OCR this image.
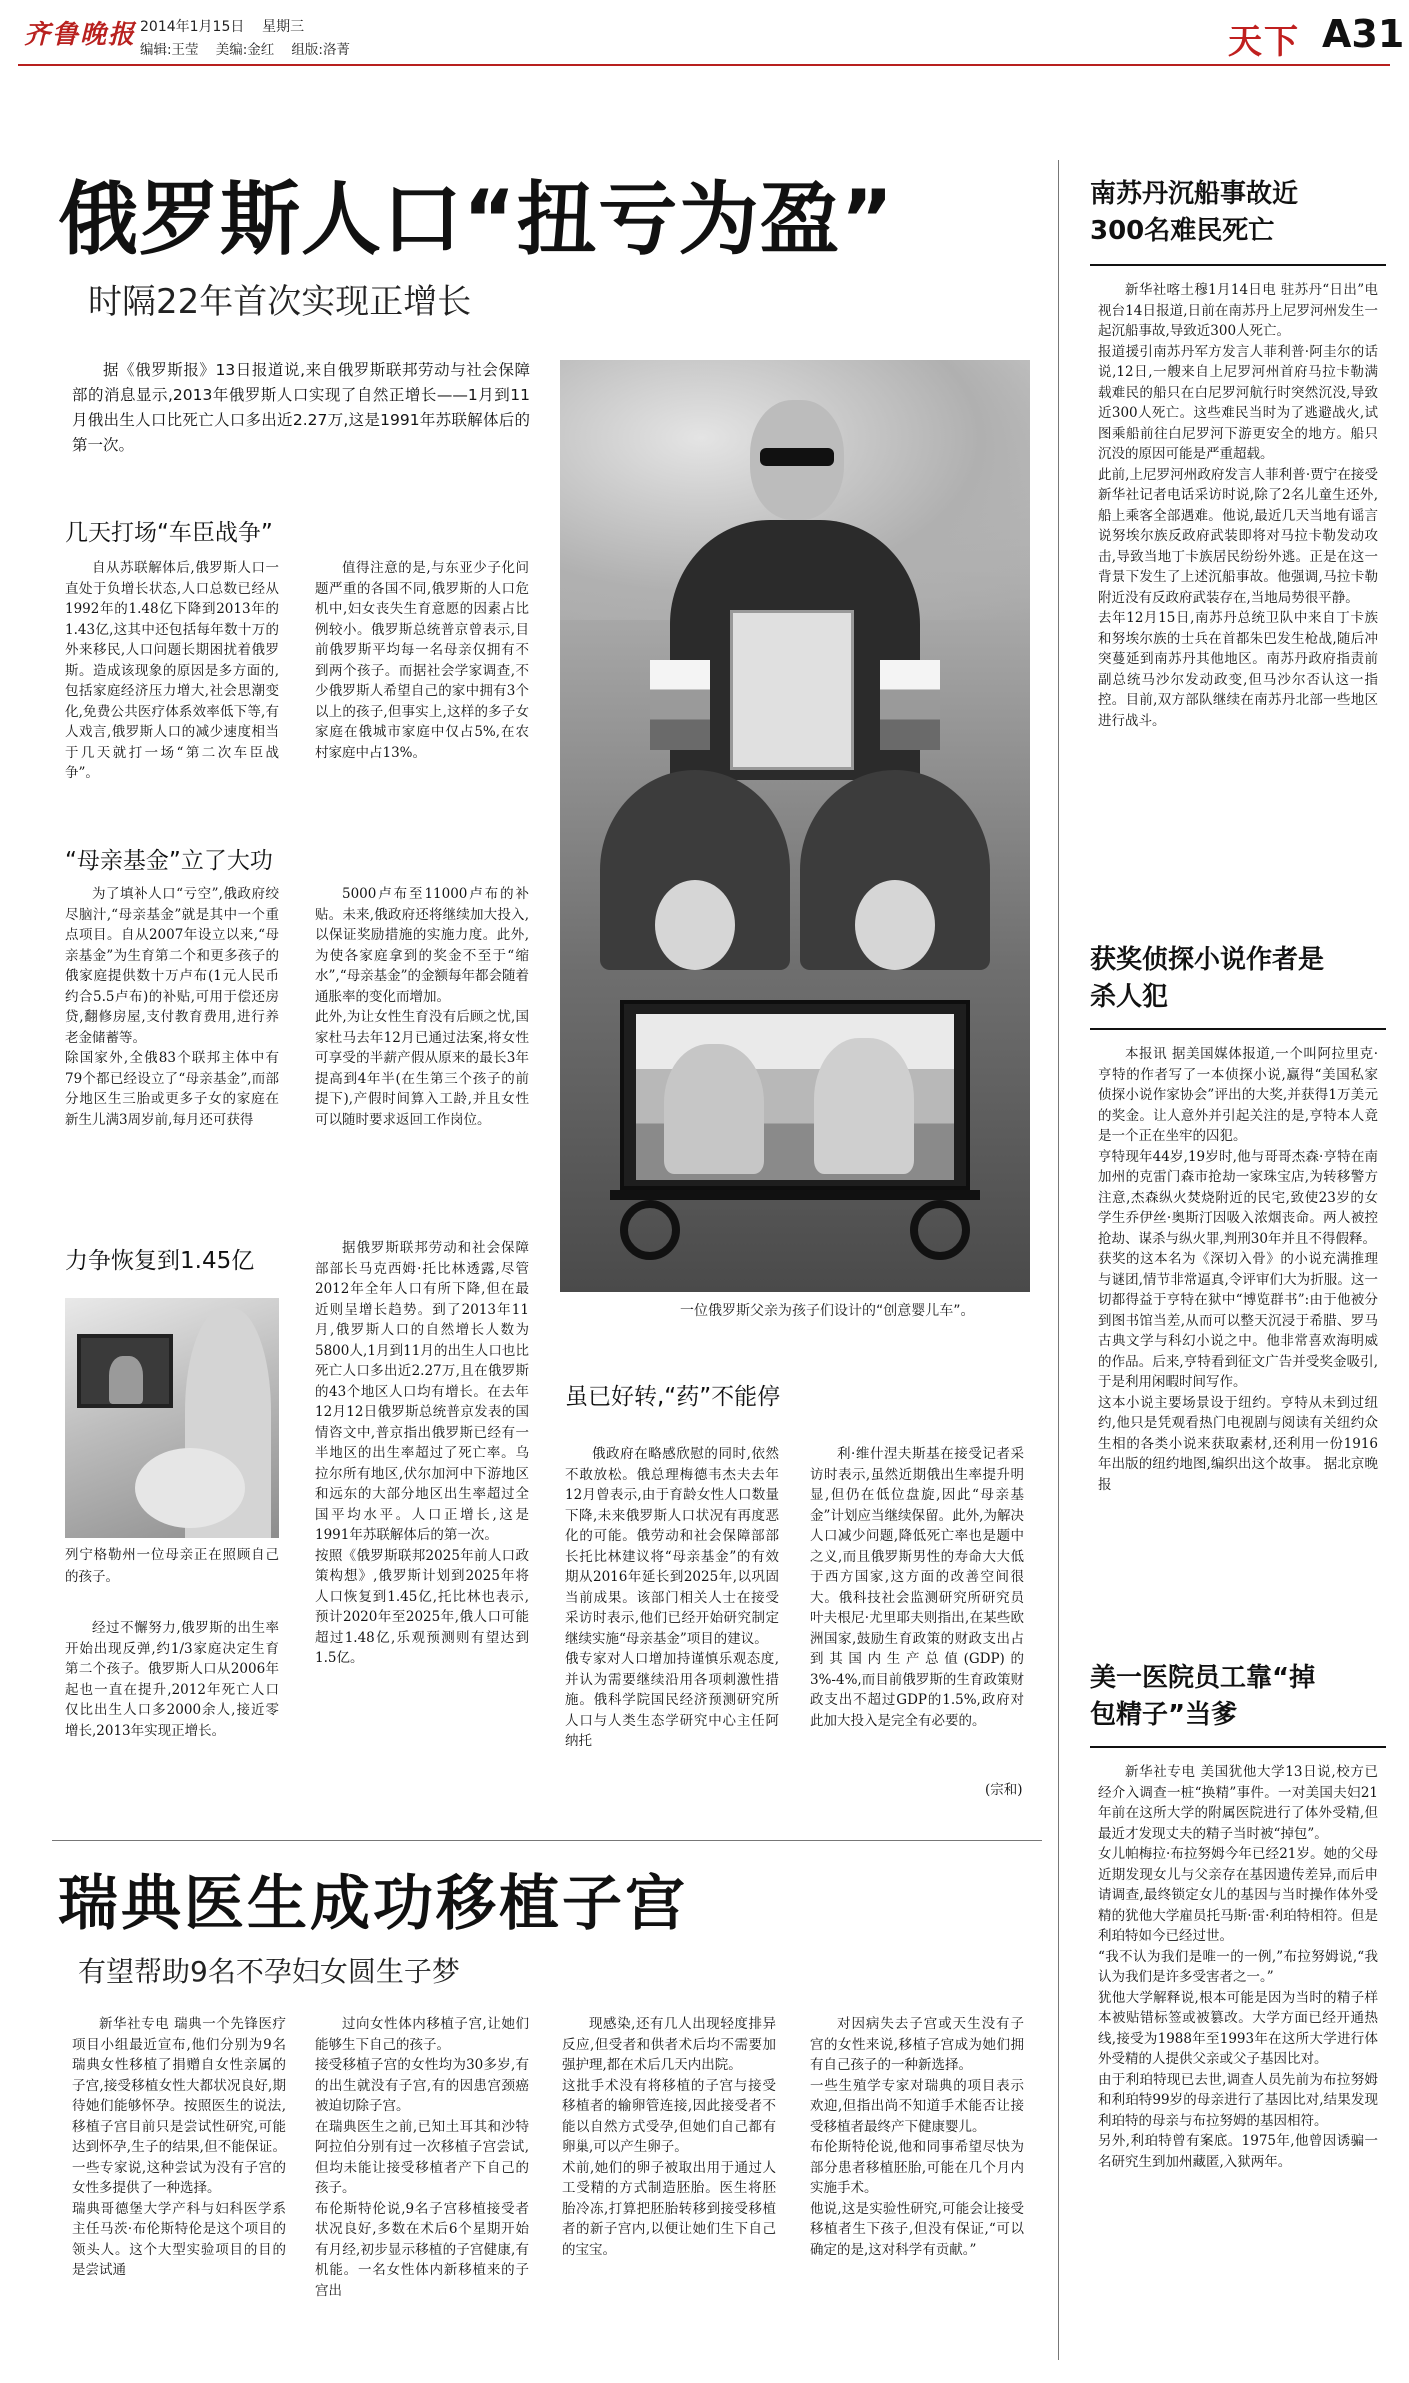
齐鲁晚报 2014年1月15日 星期三
编辑:王莹    美编:金红    组版:洛菁	天下 A31
俄罗斯人口“扭亏为盈”
时隔22年首次实现正增长
据《俄罗斯报》13日报道说,来自俄罗斯联邦劳动与社会保障部的消息显示,2013年俄罗斯人口实现了自然正增长——1月到11月俄出生人口比死亡人口多出近2.27万,这是1991年苏联解体后的第一次。
几天打场“车臣战争”
自从苏联解体后,俄罗斯人口一直处于负增长状态,人口总数已经从1992年的1.48亿下降到2013年的1.43亿,这其中还包括每年数十万的外来移民,人口问题长期困扰着俄罗斯。造成该现象的原因是多方面的,包括家庭经济压力增大,社会思潮变化,免费公共医疗体系效率低下等,有人戏言,俄罗斯人口的减少速度相当于几天就打一场“第二次车臣战争”。
值得注意的是,与东亚少子化问题严重的各国不同,俄罗斯的人口危机中,妇女丧失生育意愿的因素占比例较小。俄罗斯总统普京曾表示,目前俄罗斯平均每一名母亲仅拥有不到两个孩子。而据社会学家调查,不少俄罗斯人希望自己的家中拥有3个以上的孩子,但事实上,这样的多子女家庭在俄城市家庭中仅占5%,在农村家庭中占13%。
“母亲基金”立了大功
为了填补人口“亏空”,俄政府绞尽脑汁,“母亲基金”就是其中一个重点项目。自从2007年设立以来,“母亲基金”为生育第二个和更多孩子的俄家庭提供数十万卢布(1元人民币约合5.5卢布)的补贴,可用于偿还房贷,翻修房屋,支付教育费用,进行养老金储蓄等。
除国家外,全俄83个联邦主体中有79个都已经设立了“母亲基金”,而部分地区生三胎或更多子女的家庭在新生儿满3周岁前,每月还可获得
5000卢布至11000卢布的补贴。未来,俄政府还将继续加大投入,以保证奖励措施的实施力度。此外,为使各家庭拿到的奖金不至于“缩水”,“母亲基金”的金额每年都会随着通胀率的变化而增加。
此外,为让女性生育没有后顾之忧,国家杜马去年12月已通过法案,将女性可享受的半薪产假从原来的最长3年提高到4年半(在生第三个孩子的前提下),产假时间算入工龄,并且女性可以随时要求返回工作岗位。
力争恢复到1.45亿
列宁格勒州一位母亲正在照顾自己的孩子。
经过不懈努力,俄罗斯的出生率开始出现反弹,约1/3家庭决定生育第二个孩子。俄罗斯人口从2006年起也一直在提升,2012年死亡人口仅比出生人口多2000余人,接近零增长,2013年实现正增长。
据俄罗斯联邦劳动和社会保障部部长马克西姆·托比林透露,尽管2012年全年人口有所下降,但在最近则呈增长趋势。到了2013年11月,俄罗斯人口的自然增长人数为5800人,1月到11月的出生人口也比死亡人口多出近2.27万,且在俄罗斯的43个地区人口均有增长。在去年12月12日俄罗斯总统普京发表的国情咨文中,普京指出俄罗斯已经有一半地区的出生率超过了死亡率。乌拉尔所有地区,伏尔加河中下游地区和远东的大部分地区出生率超过全国平均水平。人口正增长,这是1991年苏联解体后的第一次。
按照《俄罗斯联邦2025年前人口政策构想》,俄罗斯计划到2025年将人口恢复到1.45亿,托比林也表示,预计2020年至2025年,俄人口可能超过1.48亿,乐观预测则有望达到1.5亿。
一位俄罗斯父亲为孩子们设计的“创意婴儿车”。
虽已好转,“药”不能停
俄政府在略感欣慰的同时,依然不敢放松。俄总理梅德韦杰夫去年12月曾表示,由于育龄女性人口数量下降,未来俄罗斯人口状况有再度恶化的可能。俄劳动和社会保障部部长托比林建议将“母亲基金”的有效期从2016年延长到2025年,以巩固当前成果。该部门相关人士在接受采访时表示,他们已经开始研究制定继续实施“母亲基金”项目的建议。
俄专家对人口增加持谨慎乐观态度,并认为需要继续沿用各项刺激性措施。俄科学院国民经济预测研究所人口与人类生态学研究中心主任阿纳托
利·维什涅夫斯基在接受记者采访时表示,虽然近期俄出生率提升明显,但仍在低位盘旋,因此“母亲基金”计划应当继续保留。此外,为解决人口减少问题,降低死亡率也是题中之义,而且俄罗斯男性的寿命大大低于西方国家,这方面的改善空间很大。俄科技社会监测研究所研究员叶夫根尼·尤里耶夫则指出,在某些欧洲国家,鼓励生育政策的财政支出占到其国内生产总值(GDP)的3%-4%,而目前俄罗斯的生育政策财政支出不超过GDP的1.5%,政府对此加大投入是完全有必要的。
(宗和)
南苏丹沉船事故近300名难民死亡
新华社喀土穆1月14日电 驻苏丹“日出”电视台14日报道,日前在南苏丹上尼罗河州发生一起沉船事故,导致近300人死亡。
报道援引南苏丹军方发言人菲利普·阿圭尔的话说,12日,一艘来自上尼罗河州首府马拉卡勒满载难民的船只在白尼罗河航行时突然沉没,导致近300人死亡。这些难民当时为了逃避战火,试图乘船前往白尼罗河下游更安全的地方。船只沉没的原因可能是严重超载。
此前,上尼罗河州政府发言人菲利普·贾宁在接受新华社记者电话采访时说,除了2名儿童生还外,船上乘客全部遇难。他说,最近几天当地有谣言说努埃尔族反政府武装即将对马拉卡勒发动攻击,导致当地丁卡族居民纷纷外逃。正是在这一背景下发生了上述沉船事故。他强调,马拉卡勒附近没有反政府武装存在,当地局势很平静。
去年12月15日,南苏丹总统卫队中来自丁卡族和努埃尔族的士兵在首都朱巴发生枪战,随后冲突蔓延到南苏丹其他地区。南苏丹政府指责前副总统马沙尔发动政变,但马沙尔否认这一指控。目前,双方部队继续在南苏丹北部一些地区进行战斗。
获奖侦探小说作者是杀人犯
本报讯 据美国媒体报道,一个叫阿拉里克·亨特的作者写了一本侦探小说,赢得“美国私家侦探小说作家协会”评出的大奖,并获得1万美元的奖金。让人意外并引起关注的是,亨特本人竟是一个正在坐牢的囚犯。
亨特现年44岁,19岁时,他与哥哥杰森·亨特在南加州的克雷门森市抢劫一家珠宝店,为转移警方注意,杰森纵火焚烧附近的民宅,致使23岁的女学生乔伊丝·奥斯汀因吸入浓烟丧命。两人被控抢劫、谋杀与纵火罪,判刑30年并且不得假释。
获奖的这本名为《深切入骨》的小说充满推理与谜团,情节非常逼真,令评审们大为折服。这一切都得益于亨特在狱中“博览群书”:由于他被分到图书馆当差,从而可以整天沉浸于希腊、罗马古典文学与科幻小说之中。他非常喜欢海明威的作品。后来,亨特看到征文广告并受奖金吸引,于是利用闲暇时间写作。
这本小说主要场景设于纽约。亨特从未到过纽约,他只是凭观看热门电视剧与阅读有关纽约众生相的各类小说来获取素材,还利用一份1916年出版的纽约地图,编织出这个故事。 据北京晚报
美一医院员工靠“掉包精子”当爹
新华社专电 美国犹他大学13日说,校方已经介入调查一桩“换精”事件。一对美国夫妇21年前在这所大学的附属医院进行了体外受精,但最近才发现丈夫的精子当时被“掉包”。
女儿帕梅拉·布拉努姆今年已经21岁。她的父母近期发现女儿与父亲存在基因遗传差异,而后申请调查,最终锁定女儿的基因与当时操作体外受精的犹他大学雇员托马斯·雷·利珀特相符。但是利珀特如今已经过世。
“我不认为我们是唯一的一例,”布拉努姆说,“我认为我们是许多受害者之一。”
犹他大学解释说,根本可能是因为当时的精子样本被贴错标签或被篡改。大学方面已经开通热线,接受为1988年至1993年在这所大学进行体外受精的人提供父亲或父子基因比对。
由于利珀特现已去世,调查人员先前为布拉努姆和利珀特99岁的母亲进行了基因比对,结果发现利珀特的母亲与布拉努姆的基因相符。
另外,利珀特曾有案底。1975年,他曾因诱骗一名研究生到加州藏匿,入狱两年。
瑞典医生成功移植子宫
有望帮助9名不孕妇女圆生子梦
新华社专电 瑞典一个先锋医疗项目小组最近宣布,他们分别为9名瑞典女性移植了捐赠自女性亲属的子宫,接受移植女性大都状况良好,期待她们能够怀孕。按照医生的说法,移植子宫目前只是尝试性研究,可能达到怀孕,生子的结果,但不能保证。一些专家说,这种尝试为没有子宫的女性多提供了一种选择。
瑞典哥德堡大学产科与妇科医学系主任马茨·布伦斯特伦是这个项目的领头人。这个大型实验项目的目的是尝试通
过向女性体内移植子宫,让她们能够生下自己的孩子。
接受移植子宫的女性均为30多岁,有的出生就没有子宫,有的因患宫颈癌被迫切除子宫。
在瑞典医生之前,已知土耳其和沙特阿拉伯分别有过一次移植子宫尝试,但均未能让接受移植者产下自己的孩子。
布伦斯特伦说,9名子宫移植接受者状况良好,多数在术后6个星期开始有月经,初步显示移植的子宫健康,有机能。一名女性体内新移植来的子宫出
现感染,还有几人出现轻度排异反应,但受者和供者术后均不需要加强护理,都在术后几天内出院。
这批手术没有将移植的子宫与接受移植者的输卵管连接,因此接受者不能以自然方式受孕,但她们自己都有卵巢,可以产生卵子。
术前,她们的卵子被取出用于通过人工受精的方式制造胚胎。医生将胚胎冷冻,打算把胚胎转移到接受移植者的新子宫内,以便让她们生下自己的宝宝。
对因病失去子宫或天生没有子宫的女性来说,移植子宫成为她们拥有自己孩子的一种新选择。
一些生殖学专家对瑞典的项目表示欢迎,但指出尚不知道手术能否让接受移植者最终产下健康婴儿。
布伦斯特伦说,他和同事希望尽快为部分患者移植胚胎,可能在几个月内实施手术。
他说,这是实验性研究,可能会让接受移植者生下孩子,但没有保证,“可以确定的是,这对科学有贡献。”
